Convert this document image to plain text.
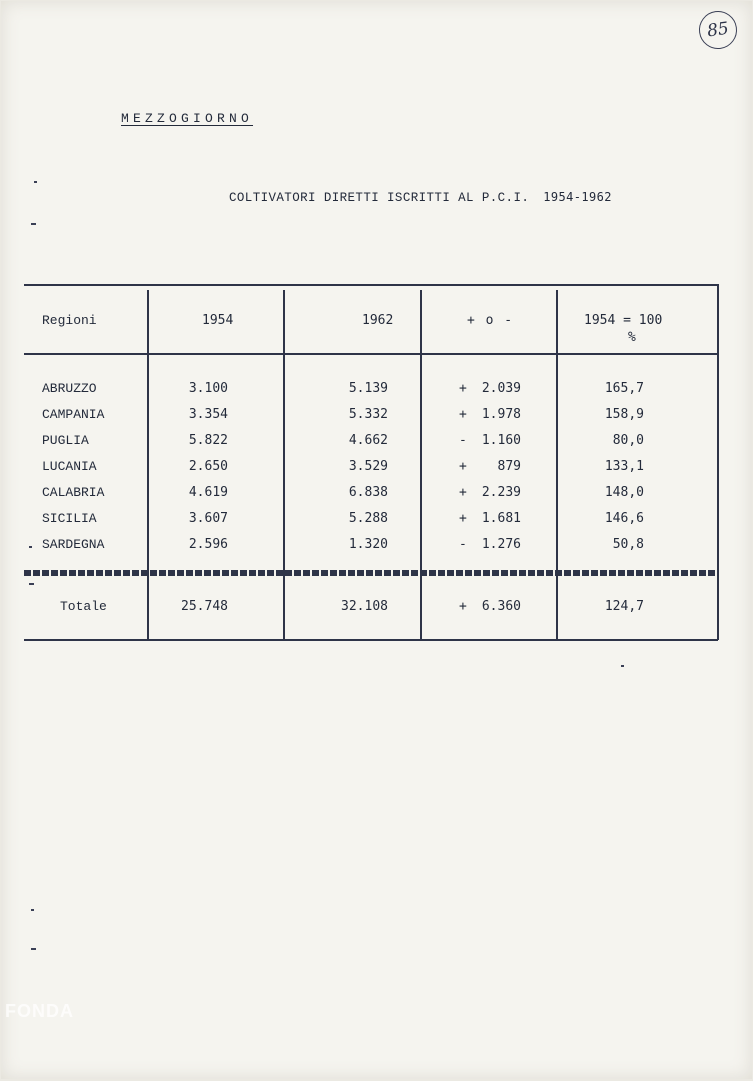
85
MEZZOGIORNO
COLTIVATORI DIRETTI ISCRITTI AL P.C.I. 1954-1962
Regioni	1954	1962	+ o -	1954 = 100
%
ABRUZZO	3.100	5.139	+	2.039	165,7
CAMPANIA	3.354	5.332	+	1.978	158,9
PUGLIA	5.822	4.662	-	1.160	80,0
LUCANIA	2.650	3.529	+	879	133,1
CALABRIA	4.619	6.838	+	2.239	148,0
SICILIA	3.607	5.288	+	1.681	146,6
SARDEGNA	2.596	1.320	-	1.276	50,8
Totale	25.748	32.108	+	6.360	124,7
FONDA
